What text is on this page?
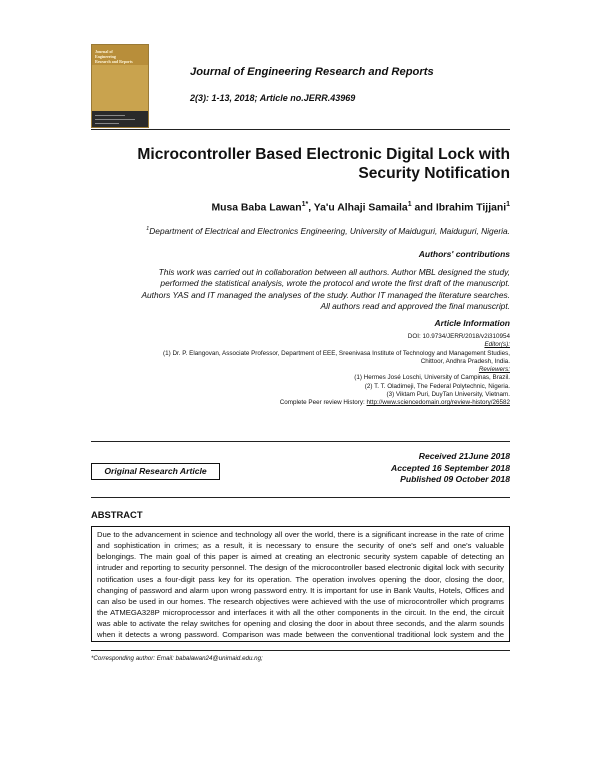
Journal of
Engineering
Research and Reports
Journal of Engineering Research and Reports
2(3): 1-13, 2018; Article no.JERR.43969
Microcontroller Based Electronic Digital Lock with
Security Notification
Musa Baba Lawan$^{1*}$, Ya'u Alhaji Samaila$^1$ and Ibrahim Tijjani$^1$
$^1$Department of Electrical and Electronics Engineering, University of Maiduguri, Maiduguri, Nigeria.
Authors' contributions
This work was carried out in collaboration between all authors. Author MBL designed the study,
performed the statistical analysis, wrote the protocol and wrote the first draft of the manuscript.
Authors YAS and IT managed the analyses of the study. Author IT managed the literature searches.
All authors read and approved the final manuscript.
Article Information
DOI: 10.9734/JERR/2018/v2i310954
Editor(s):
(1) Dr. P. Elangovan, Associate Professor, Department of EEE, Sreenivasa Institute of Technology and Management Studies,
Chittoor, Andhra Pradesh, India.
Reviewers:
(1) Hermes José Loschi, University of Campinas, Brazil.
(2) T. T. Oladimeji, The Federal Polytechnic, Nigeria.
(3) Viktam Puri, DuyTan University, Vietnam.
Complete Peer review History: http://www.sciencedomain.org/review-history/26582
Original Research Article
Received 21June 2018
Accepted 16 September 2018
Published 09 October 2018
ABSTRACT
Due to the advancement in science and technology all over the world, there is a significant increase in the rate of crime and sophistication in crimes; as a result, it is necessary to ensure the security of one's self and one's valuable belongings. The main goal of this paper is aimed at creating an electronic security system capable of detecting an intruder and reporting to security personnel. The design of the microcontroller based electronic digital lock with security notification uses a four-digit pass key for its operation. The operation involves opening the door, closing the door, changing of password and alarm upon wrong password entry. It is important for use in Bank Vaults, Hotels, Offices and can also be used in our homes. The research objectives were achieved with the use of microcontroller which programs the ATMEGA328P microprocessor and interfaces it with all the other components in the circuit. In the end, the circuit was able to activate the relay switches for opening and closing the door in about three seconds, and the alarm sounds when it detects a wrong password. Comparison was made between the conventional traditional lock system and the
*Corresponding author: Email: babalawan24@unimaid.edu.ng;
